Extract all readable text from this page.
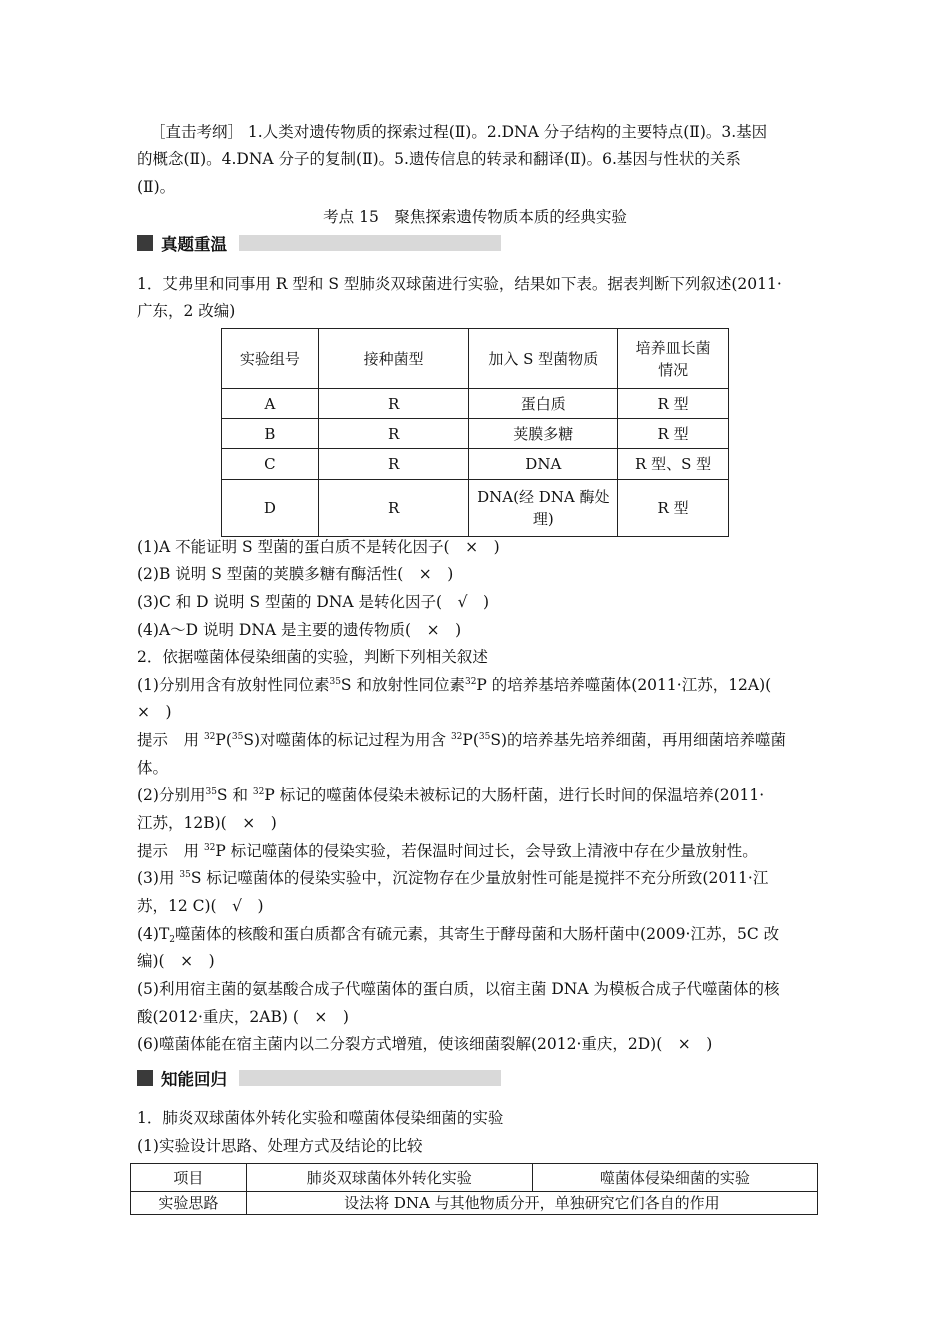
［直击考纲］ 1.人类对遗传物质的探索过程(Ⅱ)。2.DNA 分子结构的主要特点(Ⅱ)。3.基因
的概念(Ⅱ)。4.DNA 分子的复制(Ⅱ)。5.遗传信息的转录和翻译(Ⅱ)。6.基因与性状的关系
(Ⅱ)。
考点 15　聚焦探索遗传物质本质的经典实验
真题重温
1．艾弗里和同事用 R 型和 S 型肺炎双球菌进行实验，结果如下表。据表判断下列叙述(2011·
广东，2 改编)
实验组号	接种菌型	加入 S 型菌物质	培养皿长菌
情况

A	R	蛋白质	R 型
B	R	荚膜多糖	R 型
C	R	DNA	R 型、S 型
D	R	DNA(经 DNA 酶处
理)	R 型
(1)A 不能证明 S 型菌的蛋白质不是转化因子(　×　)
(2)B 说明 S 型菌的荚膜多糖有酶活性(　×　)
(3)C 和 D 说明 S 型菌的 DNA 是转化因子(　√　)
(4)A～D 说明 DNA 是主要的遗传物质(　×　)
2．依据噬菌体侵染细菌的实验，判断下列相关叙述
(1)分别用含有放射性同位素$^{35}$S 和放射性同位素$^{32}$P 的培养基培养噬菌体(2011·江苏，12A)(
×　)
提示　用 $^{32}$P($^{35}$S)对噬菌体的标记过程为用含 $^{32}$P($^{35}$S)的培养基先培养细菌，再用细菌培养噬菌
体。
(2)分别用$^{35}$S 和 $^{32}$P 标记的噬菌体侵染未被标记的大肠杆菌，进行长时间的保温培养(2011·
江苏，12B)(　×　)
提示　用 $^{32}$P 标记噬菌体的侵染实验，若保温时间过长，会导致上清液中存在少量放射性。
(3)用 $^{35}$S 标记噬菌体的侵染实验中，沉淀物存在少量放射性可能是搅拌不充分所致(2011·江
苏，12 C)(　√　)
$(4)T_2$噬菌体的核酸和蛋白质都含有硫元素，其寄生于酵母菌和大肠杆菌中(2009·江苏，5C 改
编)(　×　)
(5)利用宿主菌的氨基酸合成子代噬菌体的蛋白质，以宿主菌 DNA 为模板合成子代噬菌体的核
酸(2012·重庆，2AB) (　×　)
(6)噬菌体能在宿主菌内以二分裂方式增殖，使该细菌裂解(2012·重庆，2D)(　×　)
知能回归
1．肺炎双球菌体外转化实验和噬菌体侵染细菌的实验
(1)实验设计思路、处理方式及结论的比较
项目	肺炎双球菌体外转化实验	噬菌体侵染细菌的实验
实验思路	设法将 DNA 与其他物质分开，单独研究它们各自的作用	
